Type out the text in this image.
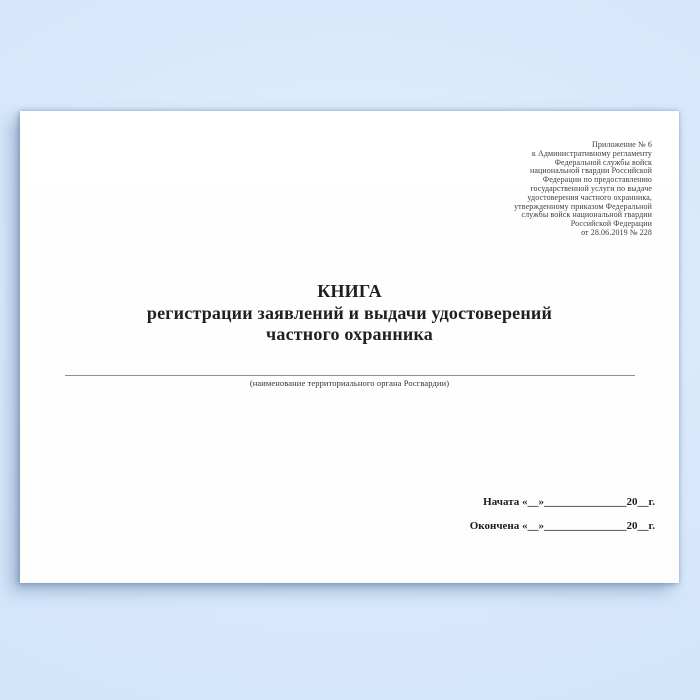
Приложение № 6
к Административному регламенту
Федеральной службы войск
национальной гвардии Российской
Федерации по предоставлению
государственной услуги по выдаче
удостоверения частного охранника,
утвержденному приказом Федеральной
службы войск национальной гвардии
Российской Федерации
от 28.06.2019 № 228
КНИГА
регистрации заявлений и выдачи удостоверений
частного охранника
(наименование территориального органа Росгвардии)
Начата «__»_______________20__г.
Окончена «__»_______________20__г.
